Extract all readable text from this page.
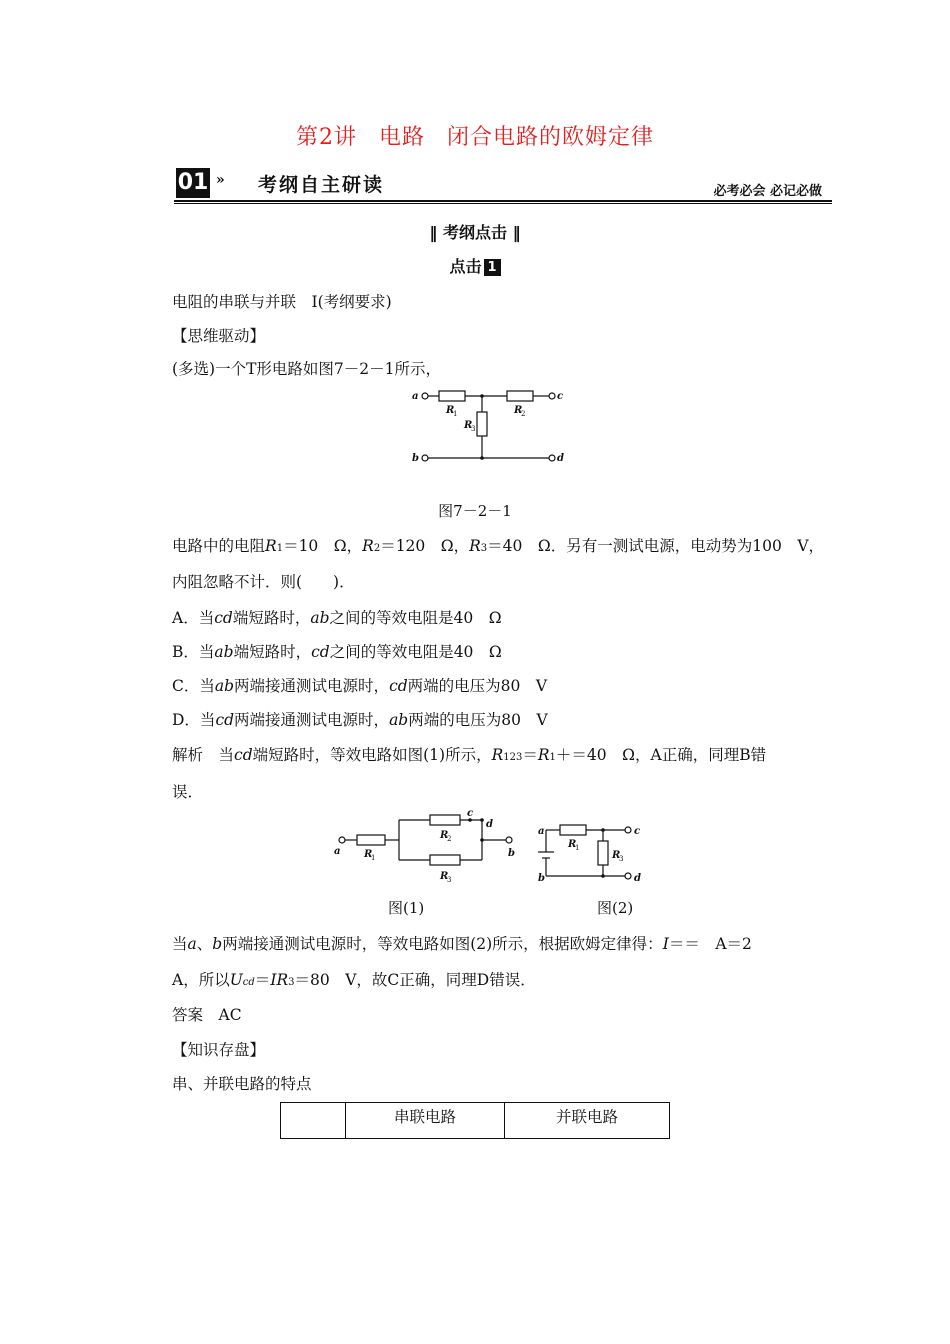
第2讲 电路 闭合电路的欧姆定律
01 » 考纲自主研读	必考必会 必记必做
‖ 考纲点击 ‖
点击 1
电阻的串联与并联　Ⅰ(考纲要求)
【思维驱动】
(多选)一个T形电路如图7－2－1所示，
a
b
c
d
R	R
R
1	2
3
图7－2－1
电路中的电阻R1＝10　Ω，R2＝120　Ω，R3＝40　Ω．另有一测试电源，电动势为100　V，
内阻忽略不计．则(　　)．
A．当cd端短路时，ab之间的等效电阻是40　Ω
B．当ab端短路时，cd之间的等效电阻是40　Ω
C．当ab两端接通测试电源时，cd两端的电压为80　V
D．当cd两端接通测试电源时，ab两端的电压为80　V
解析　当cd端短路时，等效电路如图(1)所示，R123＝R1＋＝40　Ω，A正确，同理B错
误．
a	b
c
d
R
R
R
1
2
3
a
b
c
d
R
R
1
3
图(1)	图(2)
当a、b两端接通测试电源时，等效电路如图(2)所示，根据欧姆定律得：I＝＝　A＝2
A，所以Ucd＝IR3＝80　V，故C正确，同理D错误．
答案　AC
【知识存盘】
串、并联电路的特点
	串联电路	并联电路
